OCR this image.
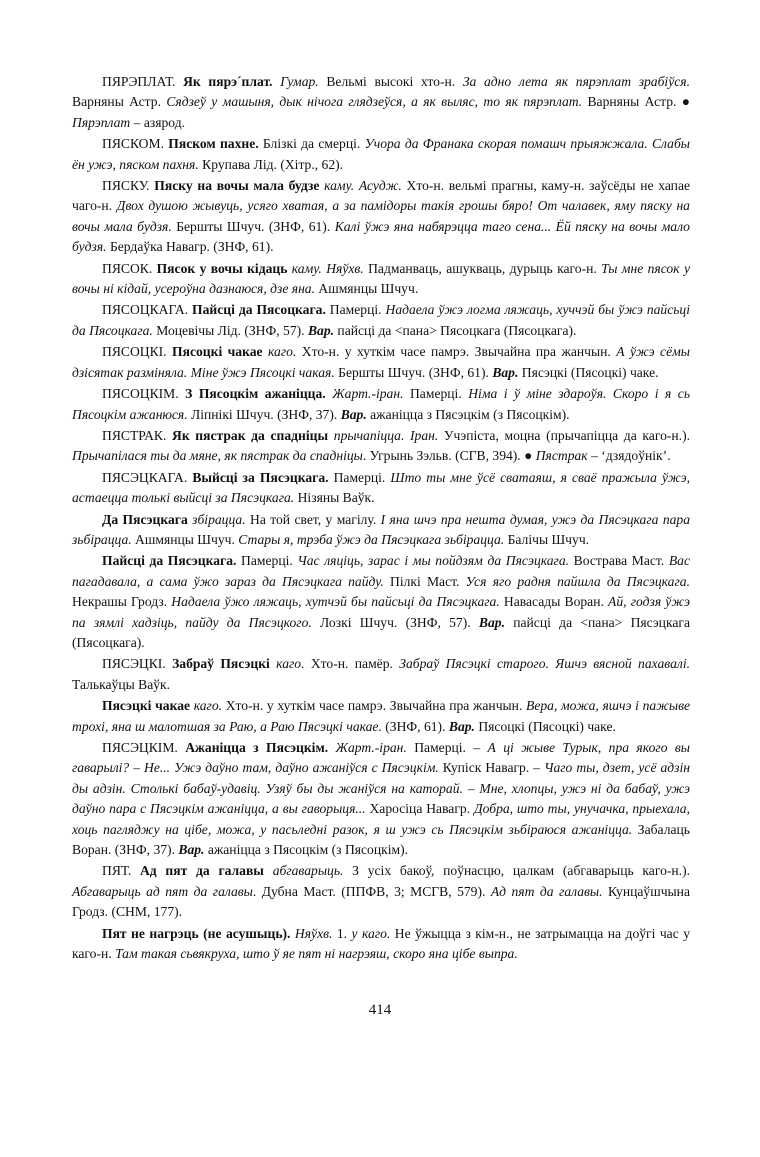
ПЯРЭПЛАТ. Як пярэ´плат. Гумар. Вельмі высокі хто-н. За адно лета як пярэплат зрабіўся. Варняны Астр. Сядзеў у машыня, дык нічога глядзеўся, а як выляс, то як пярэплат. Варняны Астр. ● Пярэплат – азярод.

ПЯСКОМ. Пяском пахне. Блізкі да смерці. Учора да Франака скорая помашч прыяжжала. Слабы ён ужэ, пяском пахня. Крупава Лід. (Хітр., 62).

ПЯСКУ. Пяску на вочы мала будзе каму. Асудж. Хто-н. вельмі прагны, каму-н. заўсёды не хапае чаго-н. Двох душою жывуць, усяго хватая, а за памідоры такія грошы бяро! От чалавек, яму пяску на вочы мала будзя. Бершты Шчуч. (ЗНФ, 61). Калі ўжэ яна набярэцца таго сена... Ёй пяску на вочы мало будзя. Бердаўка Навагр. (ЗНФ, 61).

ПЯСОК. Пясок у вочы кідаць каму. Няўхв. Падманваць, ашукваць, дурыць каго-н. Ты мне пясок у вочы ні кідай, усероўна дазнаюся, дзе яна. Ашмянцы Шчуч.

ПЯСОЦКАГА. Пайсці да Пясоцкага. Памерці. Надаела ўжэ логма ляжаць, хуччэй бы ўжэ пайсьці да Пясоцкага. Моцевічы Лід. (ЗНФ, 57). Вар. пайсці да <пана> Пясоцкага (Пясоцкага).

ПЯСОЦКІ. Пясоцкі чакае каго. Хто-н. у хуткім часе памрэ. Звычайна пра жанчын. А ўжэ сёмы дзісятак разміняла. Міне ўжэ Пясоцкі чакая. Бершты Шчуч. (ЗНФ, 61). Вар. Пясэцкі (Пясоцкі) чаке.

ПЯСОЦКІМ. З Пясоцкім ажаніцца. Жарт.-іран. Памерці. Німа і ў міне здароўя. Скоро і я сь Пясоцкім ажанюся. Ліпнікі Шчуч. (ЗНФ, 37). Вар. ажаніцца з Пясэцкім (з Пясоцкім).

ПЯСТРАК. Як пястрак да спадніцы прычапіцца. Іран. Учэпіста, моцна (прычапіцца да каго-н.). Прычапілася ты да мяне, як пястрак да спадніцы. Угрынь Зэльв. (СГВ, 394). ● Пястрак – ‘дзядоўнік’.

ПЯСЭЦКАГА. Выйсці за Пясэцкага. Памерці. Што ты мне ўсё сватаяш, я сваё пражыла ўжэ, астаецца толькі выйсці за Пясэцкага. Нізяны Ваўк.

Да Пясэцкага збірацца. На той свет, у магілу. І яна шчэ пра нешта думая, ужэ да Пясэцкага пара зьбірацца. Ашмянцы Шчуч. Стары я, трэба ўжэ да Пясэцкага зьбірацца. Балічы Шчуч.

Пайсці да Пясэцкага. Памерці. Час ляціць, зарас і мы пойдзям да Пясэцкага. Вострава Маст. Вас пагадавала, а сама ўжо зараз да Пясэцкага пайду. Пілкі Маст. Уся яго радня пайшла да Пясэцкага. Некрашы Гродз. Надаела ўжо ляжаць, хутчэй бы пайсьці да Пясэцкага. Навасады Воран. Ай, годзя ўжэ па зямлі хадзіць, пайду да Пясэцкого. Лозкі Шчуч. (ЗНФ, 57). Вар. пайсці да <пана> Пясэцкага (Пясоцкага).

ПЯСЭЦКІ. Забраў Пясэцкі каго. Хто-н. памёр. Забраў Пясэцкі старого. Яшчэ вясной пахавалі. Талькаўцы Ваўк.

Пясэцкі чакае каго. Хто-н. у хуткім часе памрэ. Звычайна пра жанчын. Вера, можа, яшчэ і пажыве трохі, яна ш малотшая за Раю, а Раю Пясэцкі чакае. (ЗНФ, 61). Вар. Пясоцкі (Пясоцкі) чаке.

ПЯСЭЦКІМ. Ажаніцца з Пясэцкім. Жарт.-іран. Памерці. – А ці жыве Турык, пра якого вы гаварылі? – Не... Ужэ даўно там, даўно ажаніўся с Пясэцкім. Купіск Навагр. – Чаго ты, дзет, усё адзін ды адзін. Столькі бабаў-удавіц. Узяў бы ды жаніўся на каторай. – Мне, хлопцы, ужэ ні да бабаў, ужэ даўно пара с Пясэцкім ажаніцца, а вы гаворыця... Харосіца Навагр. Добра, што ты, унучачка, прыехала, хоць пагляджу на цібе, можа, у пасьледні разок, я ш ужэ сь Пясэцкім зьбіраюся ажаніцца. Забалаць Воран. (ЗНФ, 37). Вар. ажаніцца з Пясоцкім (з Пясоцкім).

ПЯТ. Ад пят да галавы абгаварыць. З усіх бакоў, поўнасцю, цалкам (абгаварыць каго-н.). Абгаварыць ад пят да галавы. Дубна Маст. (ППФВ, 3; МСГВ, 579). Ад пят да галавы. Кунцаўшчына Гродз. (СНМ, 177).

Пят не нагрэць (не асушыць). Няўхв. 1. у каго. Не ўжыцца з кім-н., не затрымацца на доўгі час у каго-н. Там такая сьвякруха, што ў яе пят ні нагрэяш, скоро яна цібе выпра.

414
